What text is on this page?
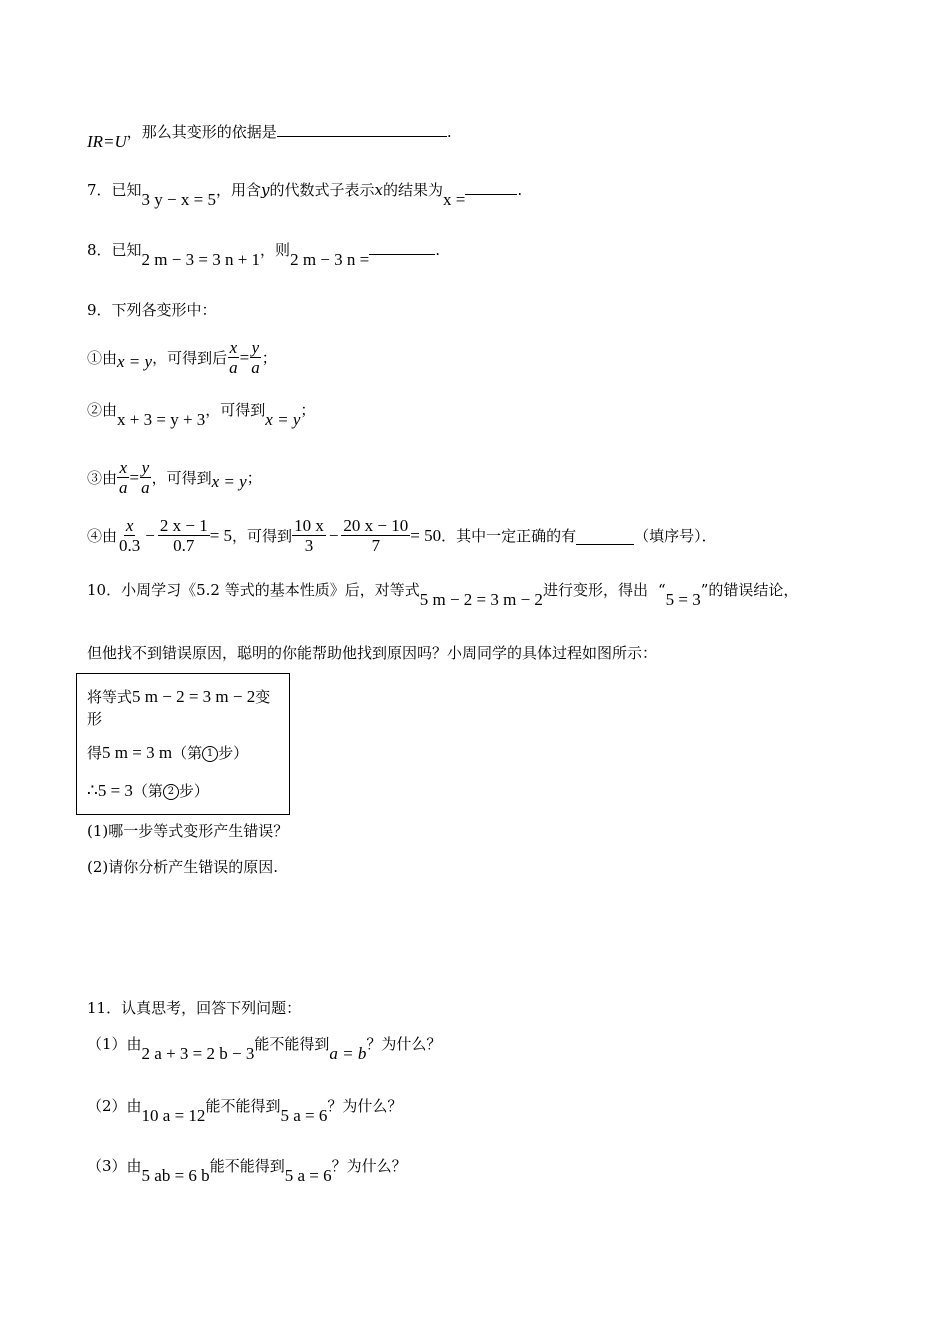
IR=U，那么其变形的依据是	.
7．已知3 y − x = 5，用含y的代数式子表示x的结果为x =	.
8．已知2 m − 3 = 3 n + 1，则2 m − 3 n =	.
9．下列各变形中：
①由 x = y ，可得到后 $\frac{x}{a} = \frac{y}{a}$ ；
②由x + 3 = y + 3，可得到x = y；
③由 $\frac{x}{a} = \frac{y}{a}$ ，可得到 x = y ；
④由 $\frac{x}{0.3} - \frac{2 x - 1}{0.7} = 5$ ，可得到 $\frac{10 x}{3} - \frac{20 x - 10}{7} = 50$ ．其中一定正确的有	（填序号）．
10．小周学习《5.2 等式的基本性质》后，对等式5 m − 2 = 3 m − 2进行变形，得出 “5 = 3”的错误结论，
但他找不到错误原因，聪明的你能帮助他找到原因吗？小周同学的具体过程如图所示：
将等式5 m − 2 = 3 m − 2变
形
得5 m = 3 m（第 1 步）
∴5 = 3（第 2 步）
(1)哪一步等式变形产生错误？
(2)请你分析产生错误的原因.
11．认真思考，回答下列问题：
（1）由2 a + 3 = 2 b − 3能不能得到a = b？为什么？
（2）由10 a = 12能不能得到5 a = 6？为什么？
（3）由5 ab = 6 b能不能得到5 a = 6？为什么？
